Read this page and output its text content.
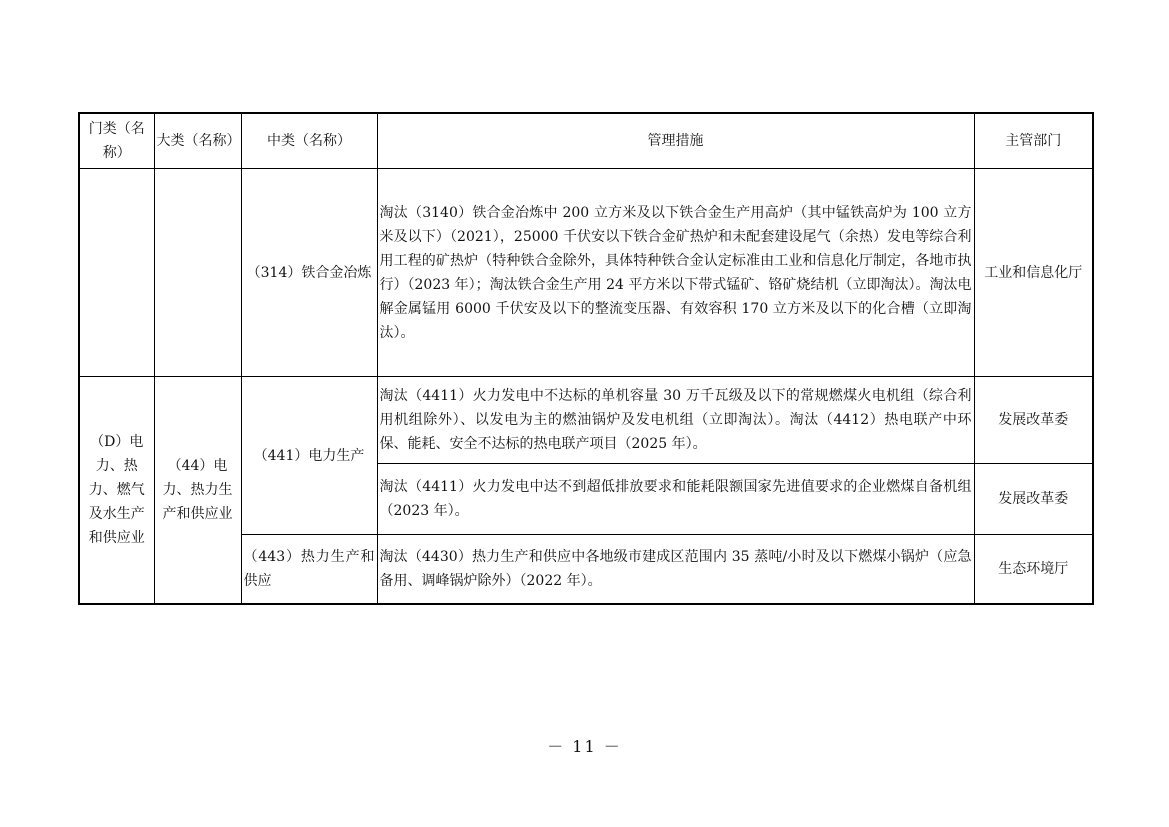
门类（名称）	大类（名称）	中类（名称）	管理措施	主管部门
		（314）铁合金冶炼	淘汰（3140）铁合金冶炼中 200 立方米及以下铁合金生产用高炉（其中锰铁高炉为 100 立方米及以下）（2021），25000 千伏安以下铁合金矿热炉和未配套建设尾气（余热）发电等综合利用工程的矿热炉（特种铁合金除外，具体特种铁合金认定标准由工业和信息化厅制定，各地市执行）（2023 年）；淘汰铁合金生产用 24 平方米以下带式锰矿、铬矿烧结机（立即淘汰）。淘汰电解金属锰用 6000 千伏安及以下的整流变压器、有效容积 170 立方米及以下的化合槽（立即淘汰）。	工业和信息化厅
（D）电力、热力、燃气及水生产和供应业	（44）电力、热力生产和供应业	（441）电力生产	淘汰（4411）火力发电中不达标的单机容量 30 万千瓦级及以下的常规燃煤火电机组（综合利用机组除外）、以发电为主的燃油锅炉及发电机组（立即淘汰）。淘汰（4412）热电联产中环保、能耗、安全不达标的热电联产项目（2025 年）。	发展改革委
			淘汰（4411）火力发电中达不到超低排放要求和能耗限额国家先进值要求的企业燃煤自备机组（2023 年）。	发展改革委
		（443）热力生产和供应	淘汰（4430）热力生产和供应中各地级市建成区范围内 35 蒸吨/小时及以下燃煤小锅炉（应急备用、调峰锅炉除外）（2022 年）。	生态环境厅
－ 11 －
